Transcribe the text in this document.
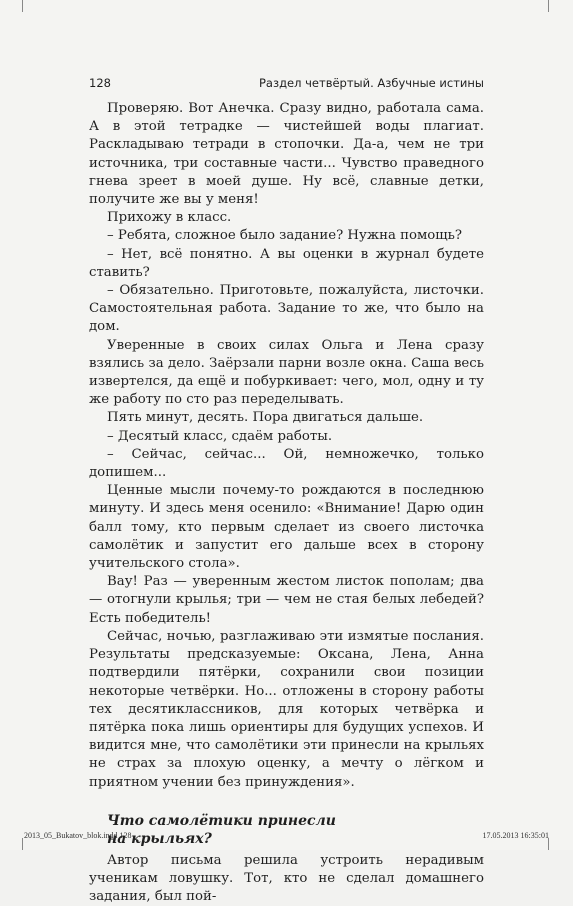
128	Раздел четвёртый. Азбучные истины

Проверяю. Вот Анечка. Сразу видно, работала сама. А в этой тетрадке — чистейшей воды плагиат. Раскладываю тетради в стопочки. Да-а, чем не три источника, три составные части... Чувство праведного гнева зреет в моей душе. Ну всё, славные детки, получите же вы у меня!

Прихожу в класс.

– Ребята, сложное было задание? Нужна помощь?

– Нет, всё понятно. А вы оценки в журнал будете ставить?

– Обязательно. Приготовьте, пожалуйста, листочки. Самостоятельная работа. Задание то же, что было на дом.

Уверенные в своих силах Ольга и Лена сразу взялись за дело. Заёрзали парни возле окна. Саша весь извертелся, да ещё и побуркивает: чего, мол, одну и ту же работу по сто раз переделывать.

Пять минут, десять. Пора двигаться дальше.

– Десятый класс, сдаём работы.

– Сейчас, сейчас... Ой, немножечко, только допишем...

Ценные мысли почему-то рождаются в последнюю минуту. И здесь меня осенило: «Внимание! Дарю один балл тому, кто первым сделает из своего листочка самолётик и запустит его дальше всех в сторону учительского стола».

Вау! Раз — уверенным жестом листок пополам; два — отогнули крылья; три — чем не стая белых лебедей? Есть победитель!

Сейчас, ночью, разглаживаю эти измятые послания. Результаты предсказуемые: Оксана, Лена, Анна подтвердили пятёрки, сохранили свои позиции некоторые четвёрки. Но... отложены в сторону работы тех десятиклассников, для которых четвёрка и пятёрка пока лишь ориентиры для будущих успехов. И видится мне, что самолётики эти принесли на крыльях не страх за плохую оценку, а мечту о лёгком и приятном учении без принуждения».

Что самолётики принесли
на крыльях?

Автор письма решила устроить нерадивым ученикам ловушку. Тот, кто не сделал домашнего задания, был пой-

2013_05_Bukatov_blok.indd 128	17.05.2013 16:35:01
